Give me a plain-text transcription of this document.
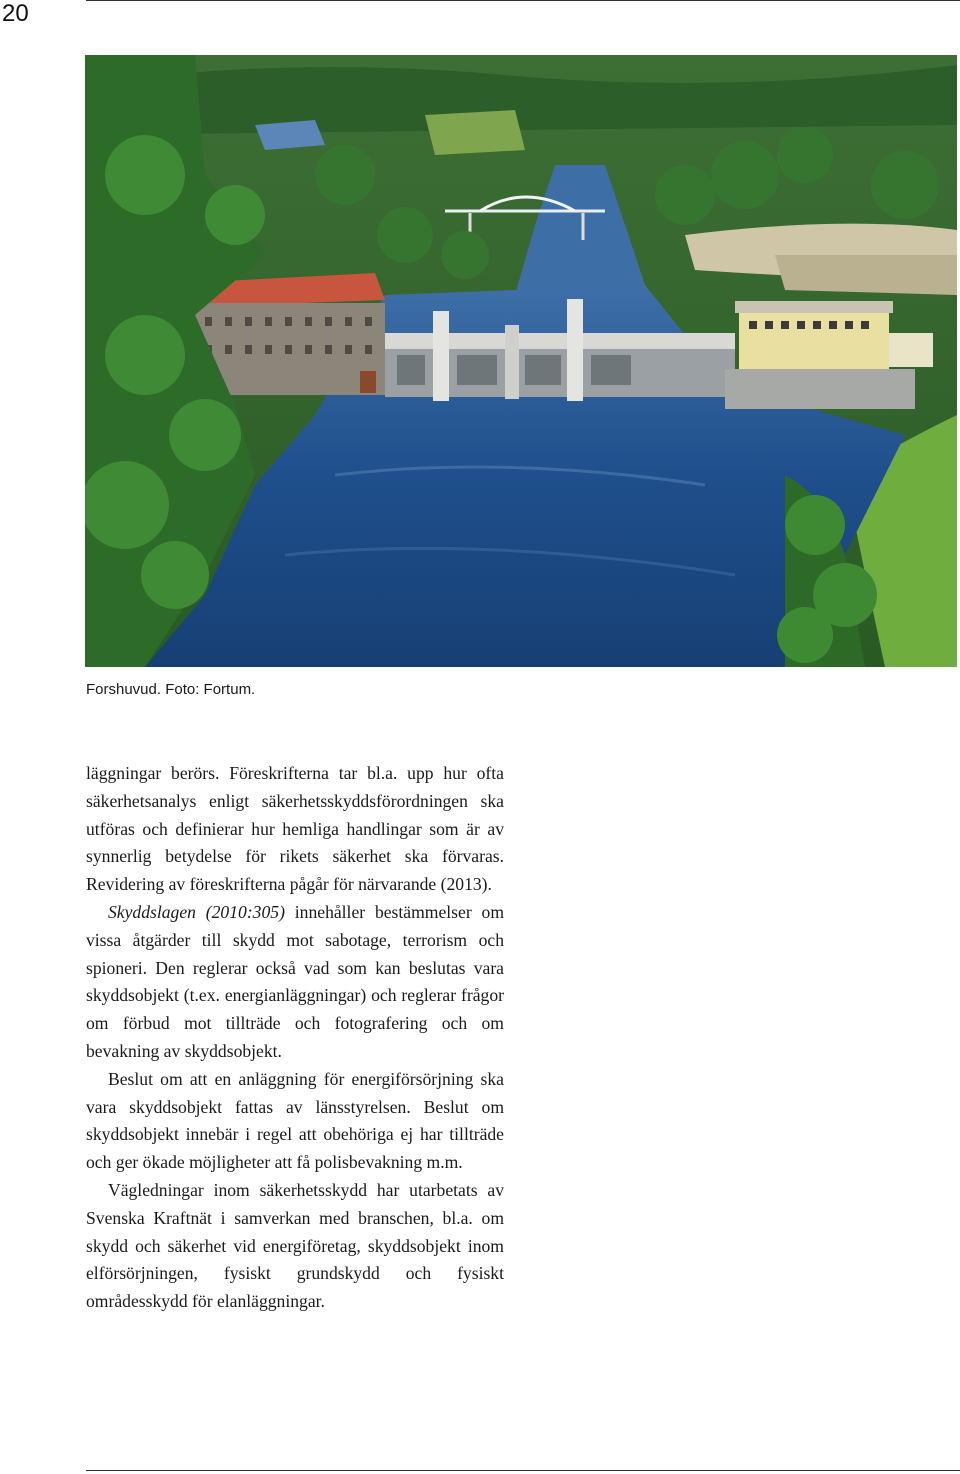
20
Forshuvud. Foto: Fortum.

läggningar berörs. Föreskrifterna tar bl.a. upp hur ofta säkerhetsanalys enligt säkerhetsskyddsförordningen ska utföras och definierar hur hemliga handlingar som är av synnerlig betydelse för rikets säkerhet ska förvaras. Revidering av föreskrifterna pågår för närvarande (2013).

Skyddslagen (2010:305) innehåller bestämmelser om vissa åtgärder till skydd mot sabotage, terrorism och spioneri. Den reglerar också vad som kan beslutas vara skyddsobjekt (t.ex. energianläggningar) och reglerar frågor om förbud mot tillträde och fotografering och om bevakning av skyddsobjekt.

Beslut om att en anläggning för energiförsörjning ska vara skyddsobjekt fattas av länsstyrelsen. Beslut om skyddsobjekt innebär i regel att obehöriga ej har tillträde och ger ökade möjligheter att få polisbevakning m.m.

Vägledningar inom säkerhetsskydd har utarbetats av Svenska Kraftnät i samverkan med branschen, bl.a. om skydd och säkerhet vid energiföretag, skyddsobjekt inom elförsörjningen, fysiskt grundskydd och fysiskt områdesskydd för elanläggningar.
